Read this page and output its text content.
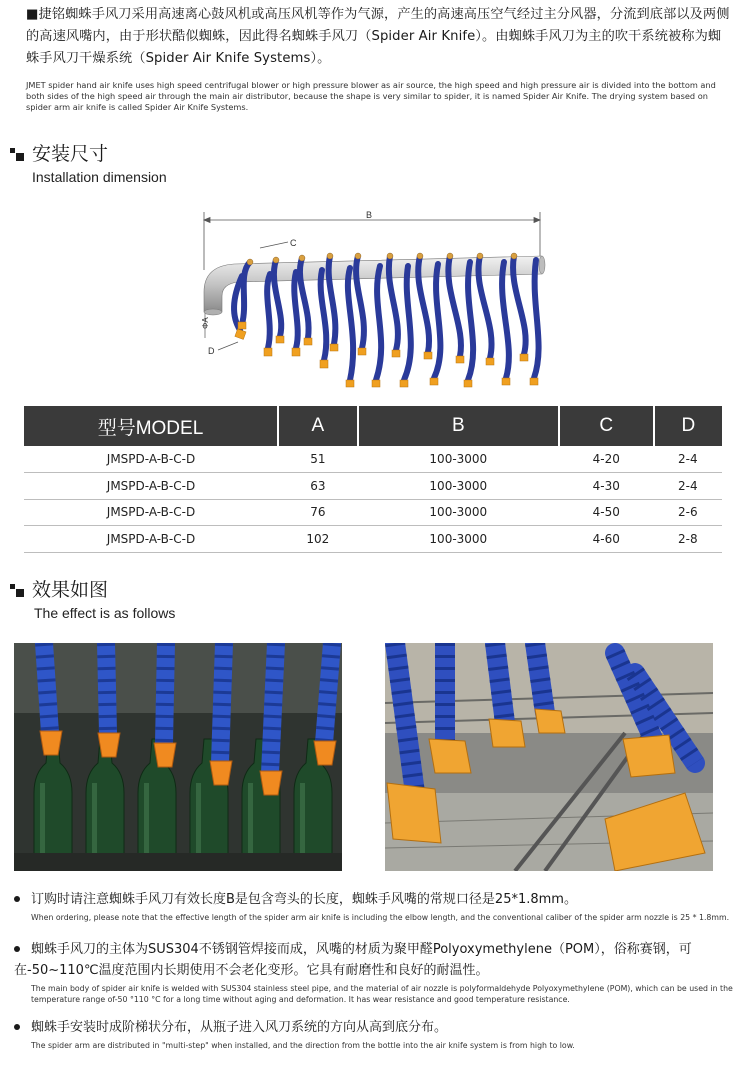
■捷铭蜘蛛手风刀采用高速离心鼓风机或高压风机等作为气源，产生的高速高压空气经过主分风器，分流到底部以及两侧的高速风嘴内，由于形状酷似蜘蛛，因此得名蜘蛛手风刀（Spider Air Knife）。由蜘蛛手风刀为主的吹干系统被称为蜘蛛手风刀干燥系统（Spider Air Knife Systems）。
JMET spider hand air knife uses high speed centrifugal blower or high pressure blower as air source, the high speed and high pressure air is divided into the bottom and both sides of the high speed air through the main air distributor, because the shape is very similar to spider, it is named Spider Air Knife. The drying system based on spider arm air knife is called Spider Air Knife Systems.
安装尺寸
Installation dimension
B
C
ΦA
D
型号MODEL	A	B	C	D
JMSPD-A-B-C-D	51	100-3000	4-20	2-4
JMSPD-A-B-C-D	63	100-3000	4-30	2-4
JMSPD-A-B-C-D	76	100-3000	4-50	2-6
JMSPD-A-B-C-D	102	100-3000	4-60	2-8
效果如图
The effect is as follows
订购时请注意蜘蛛手风刀有效长度B是包含弯头的长度，蜘蛛手风嘴的常规口径是25*1.8mm。
When ordering, please note that the effective length of the spider arm air knife is including the elbow length, and the conventional caliber of the spider arm nozzle is 25 * 1.8mm.
蜘蛛手风刀的主体为SUS304不锈钢管焊接而成，风嘴的材质为聚甲醛Polyoxymethylene（POM），俗称赛钢，可在-50~110℃温度范围内长期使用不会老化变形。它具有耐磨性和良好的耐温性。
The main body of spider air knife is welded with SUS304 stainless steel pipe, and the material of air nozzle is polyformaldehyde Polyoxymethylene (POM), which can be used in the temperature range of-50 °110 °C for a long time without aging and deformation. It has wear resistance and good temperature resistance.
蜘蛛手安装时成阶梯状分布，从瓶子进入风刀系统的方向从高到底分布。
The spider arm are distributed in "multi-step" when installed, and the direction from the bottle into the air knife system is from high to low.
